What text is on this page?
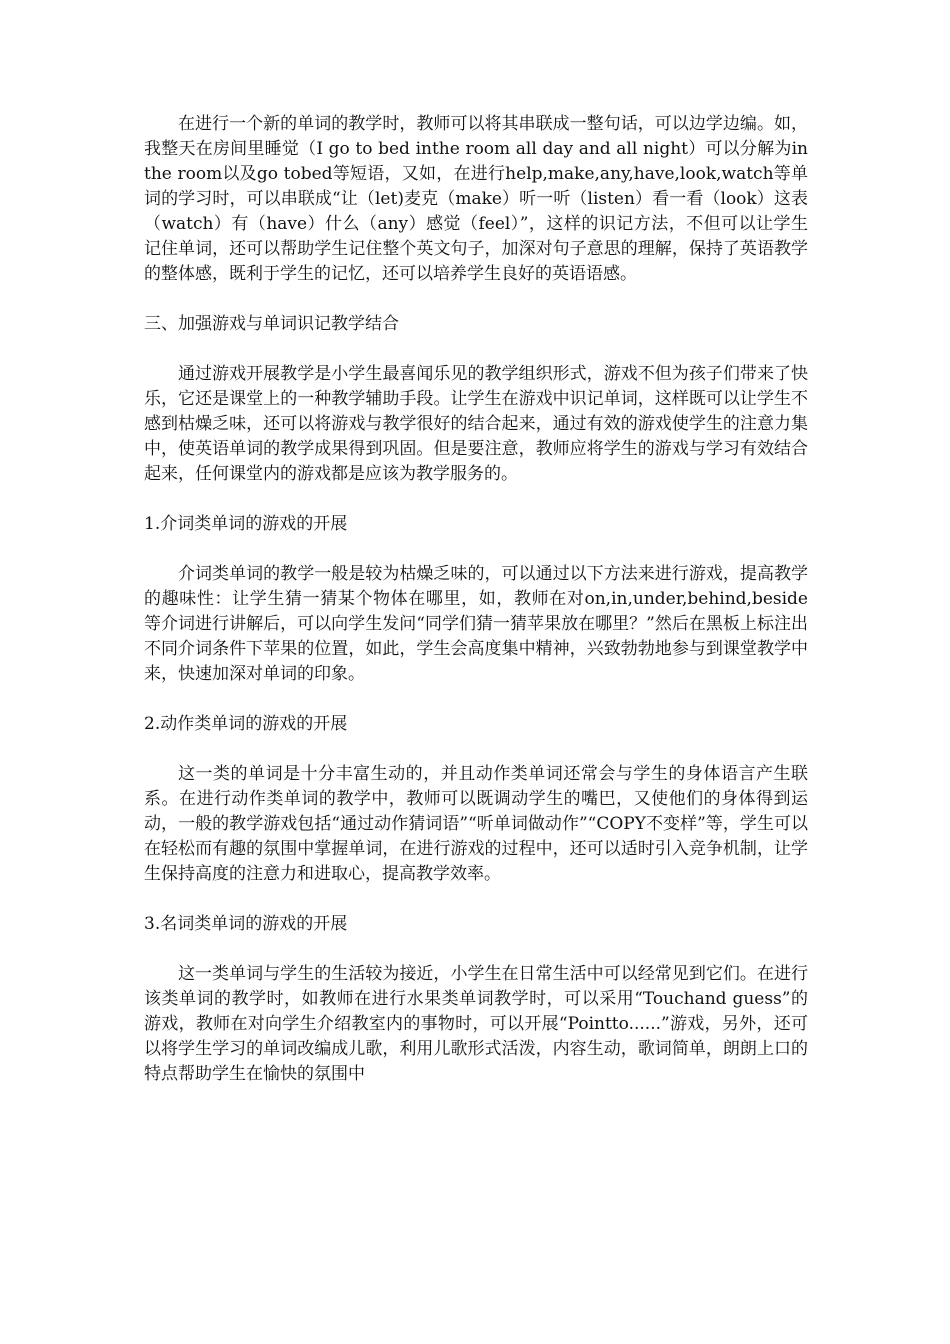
在进行一个新的单词的教学时，教师可以将其串联成一整句话，可以边学边编。如，我整天在房间里睡觉（I go to bed inthe room all day and all night）可以分解为in the room以及go tobed等短语，又如，在进行help,make,any,have,look,watch等单词的学习时，可以串联成“让（let)麦克（make）听一听（listen）看一看（look）这表（watch）有（have）什么（any）感觉（feel）”，这样的识记方法，不但可以让学生记住单词，还可以帮助学生记住整个英文句子，加深对句子意思的理解，保持了英语教学的整体感，既利于学生的记忆，还可以培养学生良好的英语语感。

三、加强游戏与单词识记教学结合

通过游戏开展教学是小学生最喜闻乐见的教学组织形式，游戏不但为孩子们带来了快乐，它还是课堂上的一种教学辅助手段。让学生在游戏中识记单词，这样既可以让学生不感到枯燥乏味，还可以将游戏与教学很好的结合起来，通过有效的游戏使学生的注意力集中，使英语单词的教学成果得到巩固。但是要注意，教师应将学生的游戏与学习有效结合起来，任何课堂内的游戏都是应该为教学服务的。

1.介词类单词的游戏的开展

介词类单词的教学一般是较为枯燥乏味的，可以通过以下方法来进行游戏，提高教学的趣味性：让学生猜一猜某个物体在哪里，如，教师在对on,in,under,behind,beside等介词进行讲解后，可以向学生发问“同学们猜一猜苹果放在哪里？”然后在黑板上标注出不同介词条件下苹果的位置，如此，学生会高度集中精神，兴致勃勃地参与到课堂教学中来，快速加深对单词的印象。

2.动作类单词的游戏的开展

这一类的单词是十分丰富生动的，并且动作类单词还常会与学生的身体语言产生联系。在进行动作类单词的教学中，教师可以既调动学生的嘴巴，又使他们的身体得到运动，一般的教学游戏包括“通过动作猜词语”“听单词做动作”“COPY不变样”等，学生可以在轻松而有趣的氛围中掌握单词，在进行游戏的过程中，还可以适时引入竞争机制，让学生保持高度的注意力和进取心，提高教学效率。

3.名词类单词的游戏的开展

这一类单词与学生的生活较为接近，小学生在日常生活中可以经常见到它们。在进行该类单词的教学时，如教师在进行水果类单词教学时，可以采用“Touchand guess”的游戏，教师在对向学生介绍教室内的事物时，可以开展“Pointto......”游戏，另外，还可以将学生学习的单词改编成儿歌，利用儿歌形式活泼，内容生动，歌词简单，朗朗上口的特点帮助学生在愉快的氛围中
